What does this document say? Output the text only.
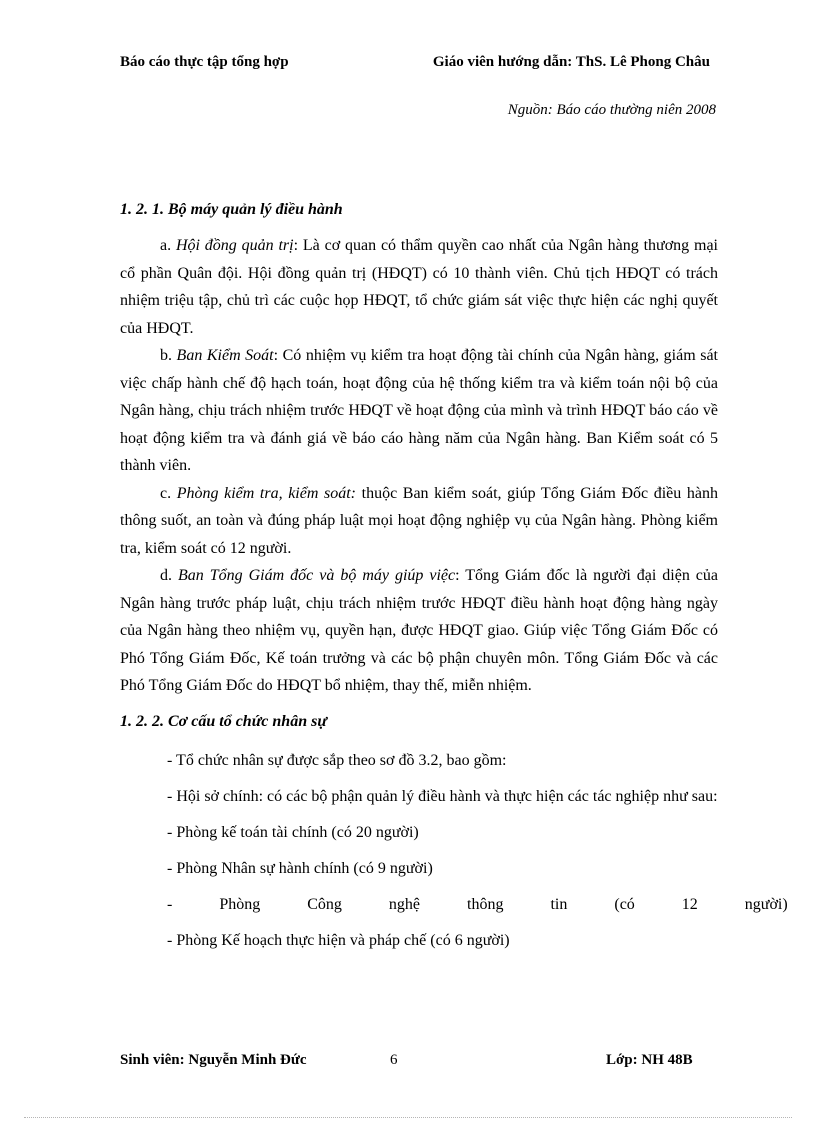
Báo cáo thực tập tổng hợp	Giáo viên hướng dẫn: ThS. Lê Phong Châu
Nguồn: Báo cáo thường niên 2008
1. 2. 1. Bộ máy quản lý điều hành

a. Hội đồng quản trị: Là cơ quan có thẩm quyền cao nhất của Ngân hàng thương mại cổ phần Quân đội. Hội đồng quản trị (HĐQT) có 10 thành viên. Chủ tịch HĐQT có trách nhiệm triệu tập, chủ trì các cuộc họp HĐQT, tổ chức giám sát việc thực hiện các nghị quyết của HĐQT.

b. Ban Kiểm Soát: Có nhiệm vụ kiểm tra hoạt động tài chính của Ngân hàng, giám sát việc chấp hành chế độ hạch toán, hoạt động của hệ thống kiểm tra và kiểm toán nội bộ của Ngân hàng, chịu trách nhiệm trước HĐQT về hoạt động của mình và trình HĐQT báo cáo về hoạt động kiểm tra và đánh giá về báo cáo hàng năm của Ngân hàng. Ban Kiểm soát có 5 thành viên.

c. Phòng kiểm tra, kiểm soát: thuộc Ban kiểm soát, giúp Tổng Giám Đốc điều hành thông suốt, an toàn và đúng pháp luật mọi hoạt động nghiệp vụ của Ngân hàng. Phòng kiểm tra, kiểm soát có 12 người.

d. Ban Tổng Giám đốc và bộ máy giúp việc: Tổng Giám đốc là người đại diện của Ngân hàng trước pháp luật, chịu trách nhiệm trước HĐQT điều hành hoạt động hàng ngày của Ngân hàng theo nhiệm vụ, quyền hạn, được HĐQT giao. Giúp việc Tổng Giám Đốc có Phó Tổng Giám Đốc, Kế toán trưởng và các bộ phận chuyên môn. Tổng Giám Đốc và các Phó Tổng Giám Đốc do HĐQT bổ nhiệm, thay thế, miễn nhiệm.

1. 2. 2. Cơ cấu tổ chức nhân sự

- Tổ chức nhân sự được sắp theo sơ đồ 3.2, bao gồm:

- Hội sở chính: có các bộ phận quản lý điều hành và thực hiện các tác nghiệp như sau:

- Phòng kế toán tài chính (có 20 người)

- Phòng Nhân sự hành chính (có 9 người)

-	Phòng	Công	nghệ	thông	tin	(có	12	người)

- Phòng Kế hoạch thực hiện và pháp chế (có 6 người)

Sinh viên: Nguyễn Minh Đức	6	Lớp: NH 48B
